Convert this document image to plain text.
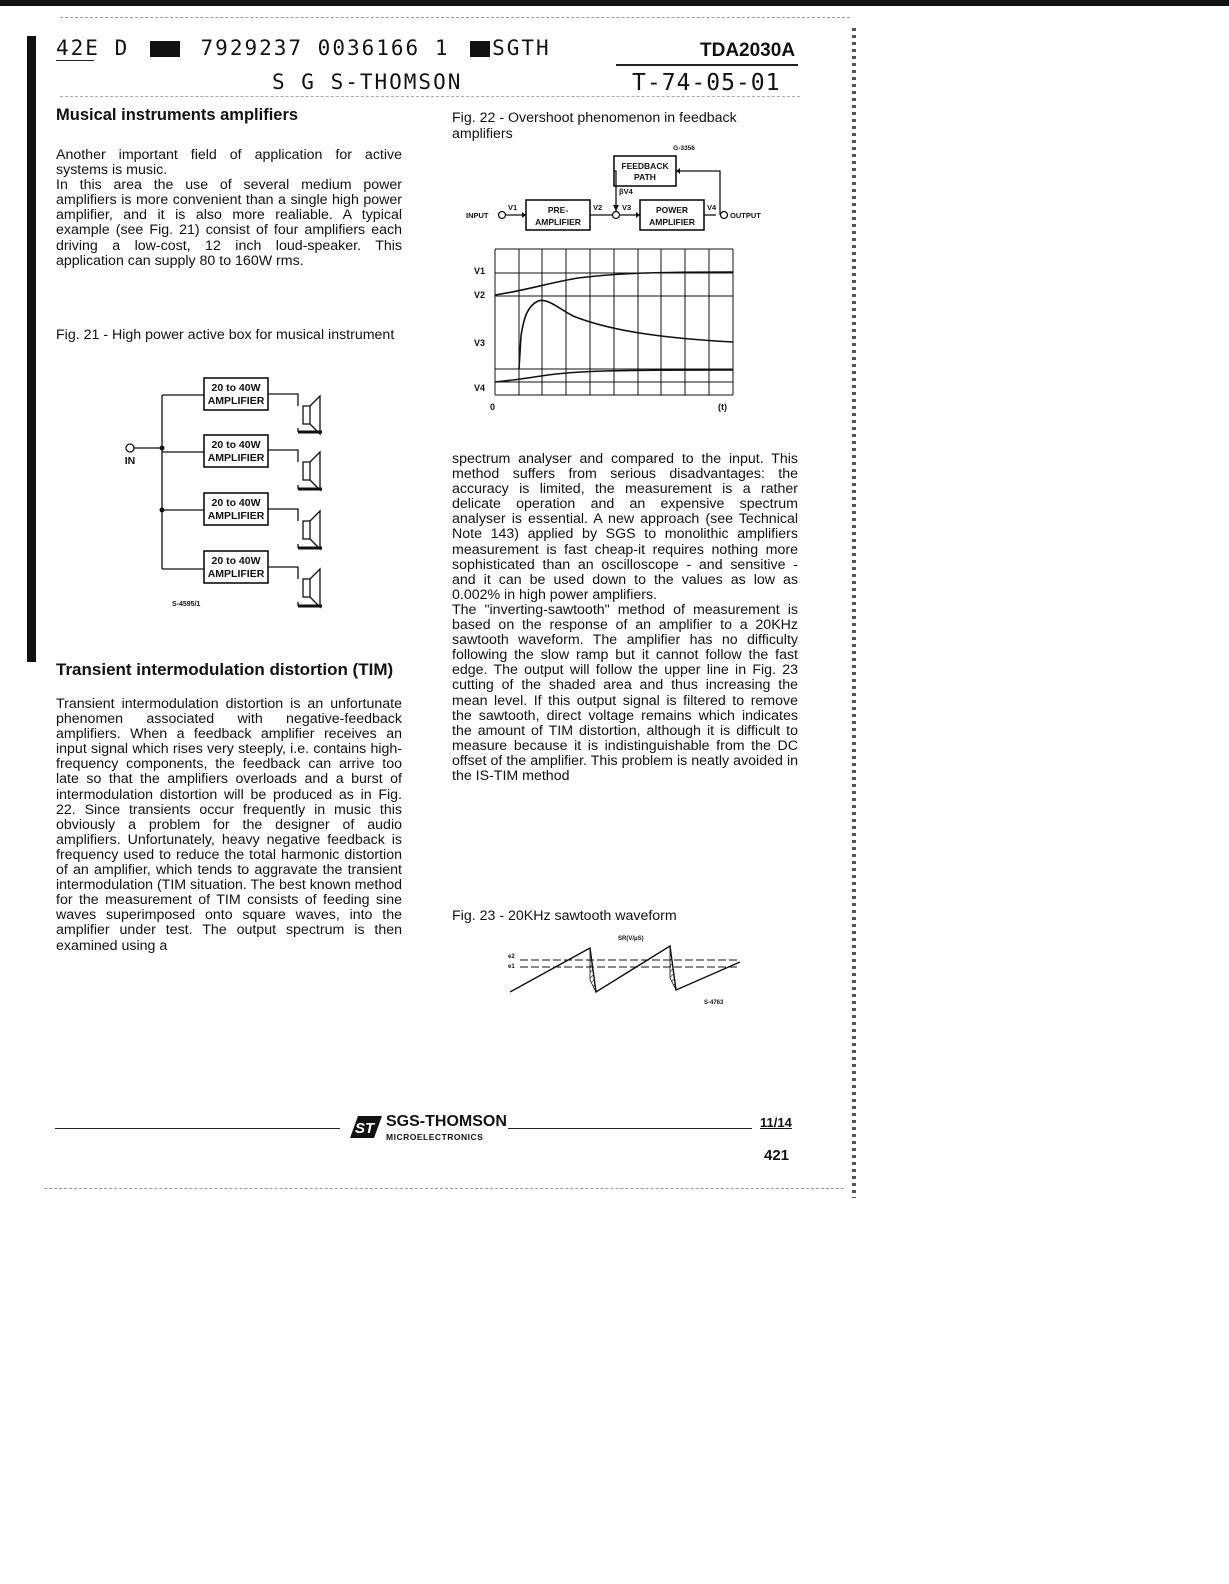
42E D	7929237 0036166 1 SGTH	TDA2030A
S G S-THOMSON	T-74-05-01
Musical instruments amplifiers

Another important field of application for active systems is music.

In this area the use of several medium power amplifiers is more convenient than a single high power amplifier, and it is also more realiable. A typical example (see Fig. 21) consist of four amplifiers each driving a low-cost, 12 inch loud-speaker. This application can supply 80 to 160W rms.

Fig. 21 - High power active box for musical instrument
IN
20 to 40W
AMPLIFIER
20 to 40W
AMPLIFIER
20 to 40W
AMPLIFIER
20 to 40W
AMPLIFIER
S-4595/1
Transient intermodulation distortion (TIM)

Transient intermodulation distortion is an unfortunate phenomen associated with negative-feedback amplifiers. When a feedback amplifier receives an input signal which rises very steeply, i.e. contains high-frequency components, the feedback can arrive too late so that the amplifiers overloads and a burst of intermodulation distortion will be produced as in Fig. 22. Since transients occur frequently in music this obviously a problem for the designer of audio amplifiers. Unfortunately, heavy negative feedback is frequency used to reduce the total harmonic distortion of an amplifier, which tends to aggravate the transient intermodulation (TIM situation. The best known method for the measurement of TIM consists of feeding sine waves superimposed onto square waves, into the amplifier under test. The output spectrum is then examined using a

Fig. 22 - Overshoot phenomenon in feedback amplifiers
G-3356
FEEDBACK
PATH
PRE-
AMPLIFIER
POWER
AMPLIFIER
INPUT	OUTPUT
V1	V2	V3	V4
βV4
V1
V2
V3
V4
0	(t)

spectrum analyser and compared to the input. This method suffers from serious disadvantages: the accuracy is limited, the measurement is a rather delicate operation and an expensive spectrum analyser is essential. A new approach (see Technical Note 143) applied by SGS to monolithic amplifiers measurement is fast cheap-it requires nothing more sophisticated than an oscilloscope - and sensitive - and it can be used down to the values as low as 0.002% in high power amplifiers.

The "inverting-sawtooth" method of measurement is based on the response of an amplifier to a 20KHz sawtooth waveform. The amplifier has no difficulty following the slow ramp but it cannot follow the fast edge. The output will follow the upper line in Fig. 23 cutting of the shaded area and thus increasing the mean level. If this output signal is filtered to remove the sawtooth, direct voltage remains which indicates the amount of TIM distortion, although it is difficult to measure because it is indistinguishable from the DC offset of the amplifier. This problem is neatly avoided in the IS-TIM method

Fig. 23 - 20KHz sawtooth waveform
SR(V/μS)
e2
e1
S-4763
ST SGS-THOMSON
MICROELECTRONICS
11/14
421
